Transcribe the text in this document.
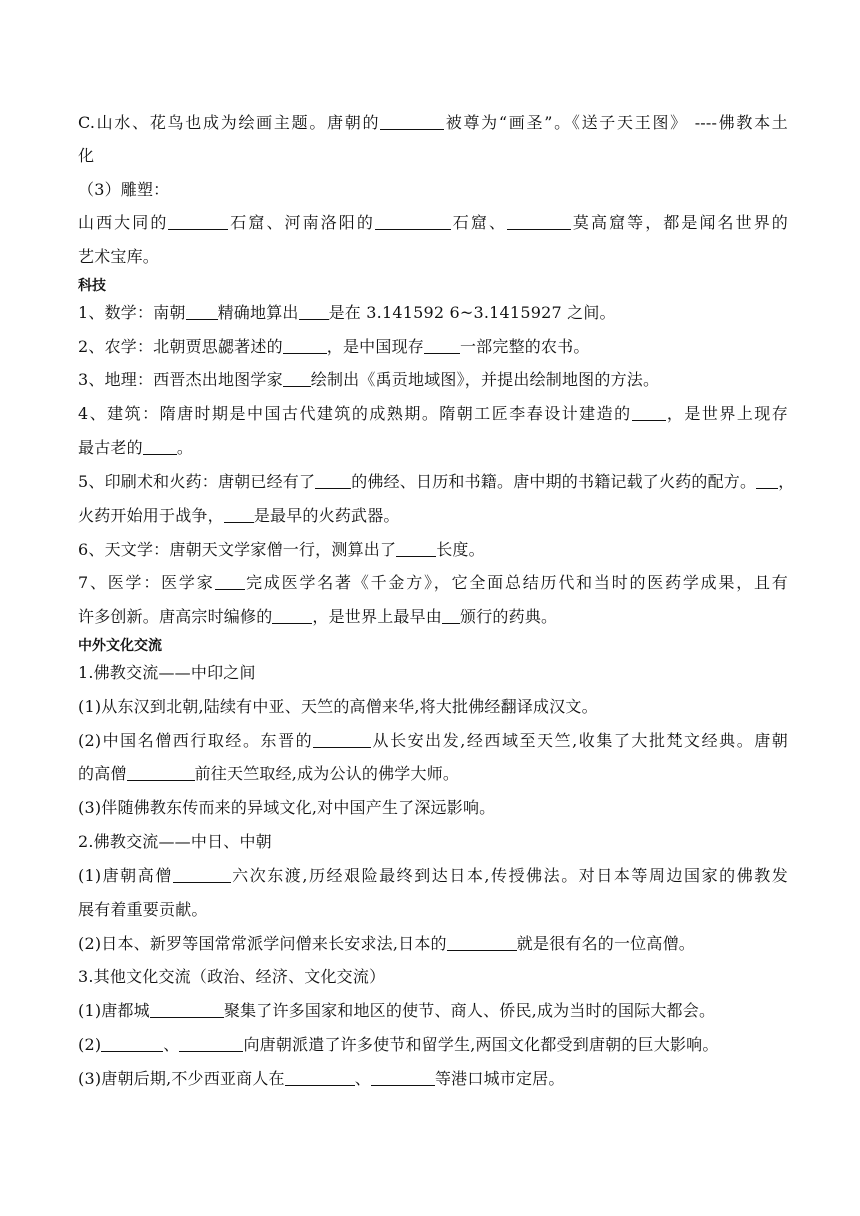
C.山水、花鸟也成为绘画主题。唐朝的	被尊为“画圣”。《送子天王图》 ----佛教本土
化
（3）雕塑：
山西大同的	石窟、河南洛阳的	石窟、	莫高窟等，都是闻名世界的
艺术宝库。
科技
1、数学：南朝 精确地算出 是在 3.141592 6~3.1415927 之间。
2、农学：北朝贾思勰著述的	，是中国现存 一部完整的农书。
3、地理：西晋杰出地图学家 绘制出《禹贡地域图》，并提出绘制地图的方法。
4、建筑：隋唐时期是中国古代建筑的成熟期。隋朝工匠李春设计建造的 ，是世界上现存
最古老的 。
5、印刷术和火药：唐朝已经有了 的佛经、日历和书籍。唐中期的书籍记载了火药的配方。 ，
火药开始用于战争， 是最早的火药武器。
6、天文学：唐朝天文学家僧一行，测算出了	长度。
7、医学：医学家 完成医学名著《千金方》，它全面总结历代和当时的医药学成果，且有
许多创新。唐高宗时编修的	，是世界上最早由 颁行的药典。
中外文化交流
1.佛教交流——中印之间
(1)从东汉到北朝,陆续有中亚、天竺的高僧来华,将大批佛经翻译成汉文。
(2)中国名僧西行取经。东晋的	从长安出发,经西域至天竺,收集了大批梵文经典。唐朝
的高僧	前往天竺取经,成为公认的佛学大师。
(3)伴随佛教东传而来的异域文化,对中国产生了深远影响。
2.佛教交流——中日、中朝
(1)唐朝高僧	六次东渡,历经艰险最终到达日本,传授佛法。对日本等周边国家的佛教发
展有着重要贡献。
(2)日本、新罗等国常常派学问僧来长安求法,日本的	就是很有名的一位高僧。
3.其他文化交流（政治、经济、文化交流）
(1)唐都城	聚集了许多国家和地区的使节、商人、侨民,成为当时的国际大都会。
(2)	、	向唐朝派遣了许多使节和留学生,两国文化都受到唐朝的巨大影响。
(3)唐朝后期,不少西亚商人在	、	等港口城市定居。
